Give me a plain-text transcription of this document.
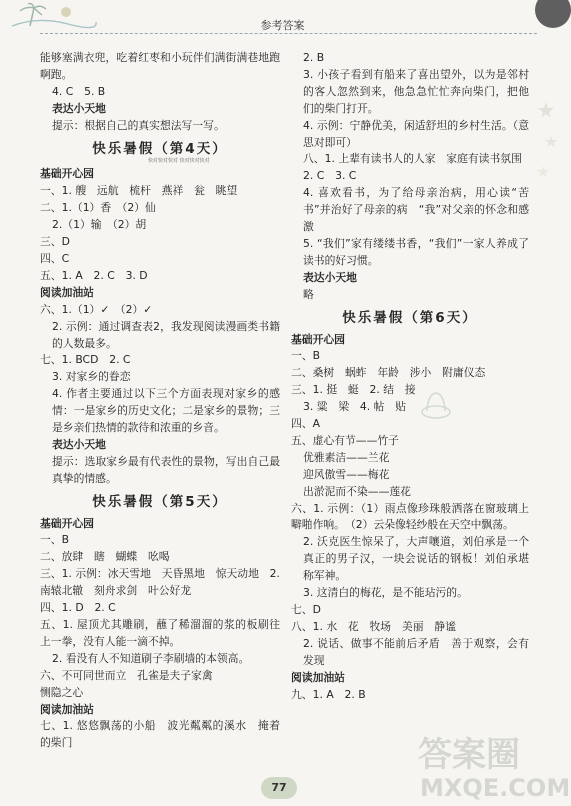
参考答案
能够塞满衣兜，吃着红枣和小玩伴们满街满巷地跑啊跑。
4. C　5. B
表达小天地
提示：根据自己的真实想法写一写。
快乐暑假（第4天）
快对快对快对 快对快对快对
基础开心园
一、1. 艘　远航　梳杆　燕祥　瓮　眺望
二、1.（1）香　（2）仙
2.（1）输　（2）胡
三、D
四、C
五、1. A　2. C　3. D
阅读加油站
六、1.（1）✓　（2）✓
2. 示例：通过调查表2，我发现阅读漫画类书籍的人数最多。
七、1. BCD　2. C
3. 对家乡的眷恋
4. 作者主要通过以下三个方面表现对家乡的感情：一是家乡的历史文化；二是家乡的景物；三是乡亲们热情的款待和浓重的乡音。
表达小天地
提示：选取家乡最有代表性的景物，写出自己最真挚的情感。
快乐暑假（第5天）
基础开心园
一、B
二、放肆　瞎　蝴蝶　吆喝
三、1. 示例：冰天雪地　天昏黑地　惊天动地　2. 南辕北辙　刻舟求剑　叶公好龙
四、1. D　2. C
五、1. 屋顶尤其雕刷，蘸了稀溜溜的浆的板刷往上一拳，没有人能一滴不掉。
2. 看没有人不知道刷子李刷墙的本领高。
六、不可同世而立　孔雀是夫子家禽
恻隐之心
阅读加油站
七、1. 悠悠飘荡的小船　波光粼粼的溪水　掩着的柴门
2. B
3. 小孩子看到有船来了喜出望外，以为是邻村的客人忽然到来，他急急忙忙奔向柴门，把他们的柴门打开。
4. 示例：宁静优美，闲适舒坦的乡村生活。（意思对即可）
八、1. 上辈有读书人的人家　家庭有读书氛围
2. C　3. C
4. 喜欢看书，为了给母亲治病，用心读“苦书”并治好了母亲的病　“我”对父亲的怀念和感激
5. “我们”家有缕缕书香，“我们”一家人养成了读书的好习惯。
表达小天地
略
快乐暑假（第6天）
基础开心园
一、B
二、桑树　蜗蚱　年龄　涉小　附庸仪态
三、1. 挺　蜓　2. 结　接
3. 粱　梁　4. 帖　贴
四、A
五、虚心有节——竹子
优雅素洁——兰花
迎风傲雪——梅花
出淤泥而不染——莲花
六、1. 示例：（1）雨点像珍珠般洒落在窗玻璃上噼啪作响。　（2）云朵像轻纱般在天空中飘荡。
2. 沃克医生惊呆了，大声嚷道，刘伯承是一个真正的男子汉，一块会说话的钢板！刘伯承堪称军神。
3. 这清白的梅花，是不能玷污的。
七、D
八、1. 水　花　牧场　美丽　静谧
2. 说话、做事不能前后矛盾　善于观察，会有发现
阅读加油站
九、1. A　2. B
答案圈
MXQE.COM
77
